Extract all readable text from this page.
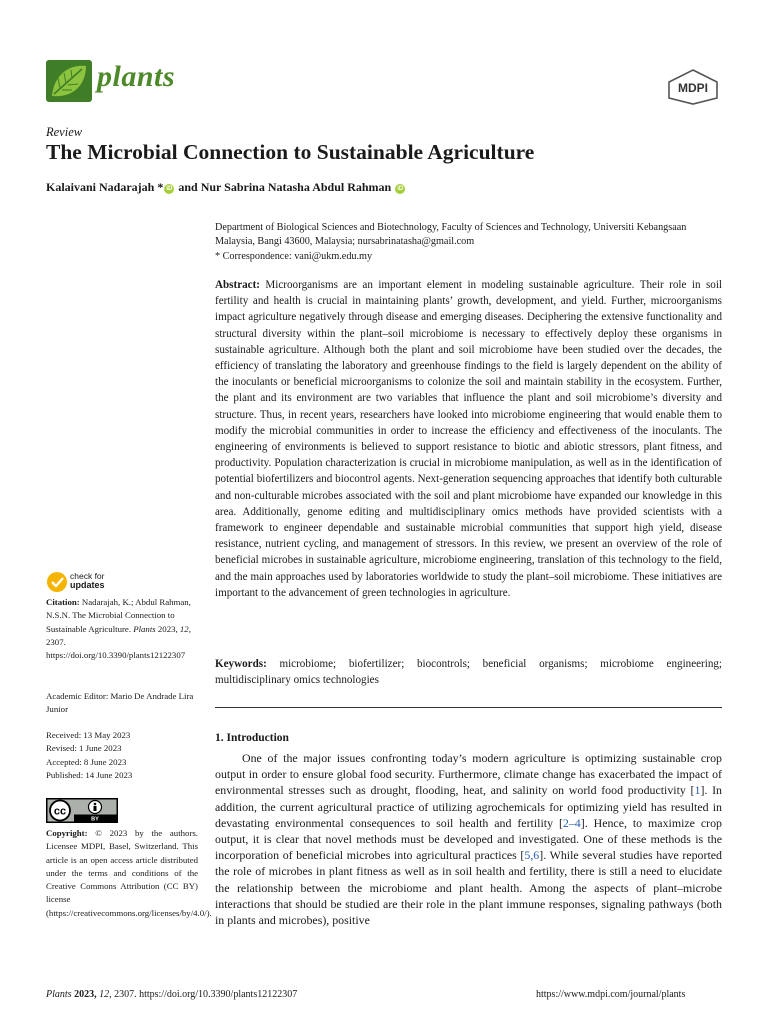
plants	MDPI
Review
The Microbial Connection to Sustainable Agriculture
Kalaivani Nadarajah * iD and Nur Sabrina Natasha Abdul Rahman iD
Department of Biological Sciences and Biotechnology, Faculty of Sciences and Technology, Universiti Kebangsaan
Malaysia, Bangi 43600, Malaysia; nursabrinatasha@gmail.com
* Correspondence: vani@ukm.edu.my

Abstract: Microorganisms are an important element in modeling sustainable agriculture. Their role in soil fertility and health is crucial in maintaining plants’ growth, development, and yield. Further, microorganisms impact agriculture negatively through disease and emerging diseases. Deciphering the extensive functionality and structural diversity within the plant–soil microbiome is necessary to effectively deploy these organisms in sustainable agriculture. Although both the plant and soil microbiome have been studied over the decades, the efficiency of translating the laboratory and greenhouse findings to the field is largely dependent on the ability of the inoculants or beneficial microorganisms to colonize the soil and maintain stability in the ecosystem. Further, the plant and its environment are two variables that influence the plant and soil microbiome’s diversity and structure. Thus, in recent years, researchers have looked into microbiome engineering that would enable them to modify the microbial communities in order to increase the efficiency and effectiveness of the inoculants. The engineering of environments is believed to support resistance to biotic and abiotic stressors, plant fitness, and productivity. Population characterization is crucial in microbiome manipulation, as well as in the identification of potential biofertilizers and biocontrol agents. Next-generation sequencing approaches that identify both culturable and non-culturable microbes associated with the soil and plant microbiome have expanded our knowledge in this area. Additionally, genome editing and multidisciplinary omics methods have provided scientists with a framework to engineer dependable and sustainable microbial communities that support high yield, disease resistance, nutrient cycling, and management of stressors. In this review, we present an overview of the role of beneficial microbes in sustainable agriculture, microbiome engineering, translation of this technology to the field, and the main approaches used by laboratories worldwide to study the plant–soil microbiome. These initiatives are important to the advancement of green technologies in agriculture.

Keywords: microbiome; biofertilizer; biocontrols; beneficial organisms; microbiome engineering; multidisciplinary omics technologies

1. Introduction

One of the major issues confronting today’s modern agriculture is optimizing sustainable crop output in order to ensure global food security. Furthermore, climate change has exacerbated the impact of environmental stresses such as drought, flooding, heat, and salinity on world food productivity [1]. In addition, the current agricultural practice of utilizing agrochemicals for optimizing yield has resulted in devastating environmental consequences to soil health and fertility [2–4]. Hence, to maximize crop output, it is clear that novel methods must be developed and investigated. One of these methods is the incorporation of beneficial microbes into agricultural practices [5,6]. While several studies have reported the role of microbes in plant fitness as well as in soil health and fertility, there is still a need to elucidate the relationship between the microbiome and plant health. Among the aspects of plant–microbe interactions that should be studied are their role in the plant immune responses, signaling pathways (both in plants and microbes), positive

check for
updates
Citation: Nadarajah, K.; Abdul Rahman, N.S.N. The Microbial Connection to Sustainable Agriculture. Plants 2023, 12, 2307. https://doi.org/10.3390/plants12122307
Academic Editor: Mario De Andrade Lira Junior
Received: 13 May 2023
Revised: 1 June 2023
Accepted: 8 June 2023
Published: 14 June 2023
cc
BY
Copyright: © 2023 by the authors. Licensee MDPI, Basel, Switzerland. This article is an open access article distributed under the terms and conditions of the Creative Commons Attribution (CC BY) license (https://creativecommons.org/licenses/by/4.0/).
Plants 2023, 12, 2307. https://doi.org/10.3390/plants12122307	https://www.mdpi.com/journal/plants
